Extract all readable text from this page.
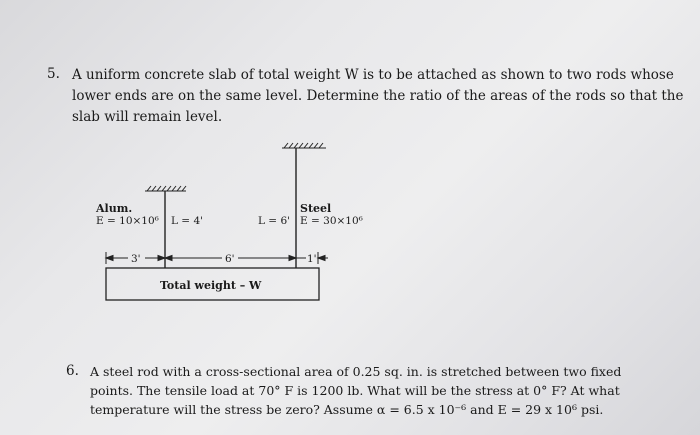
5. A uniform concrete slab of total weight W is to be attached as shown to two rods whose
lower ends are on the same level. Determine the ratio of the areas of the rods so that the
slab will remain level.
Alum.
E = 10×10⁶ L = 4'
Steel
E = 30×10⁶
L = 6'
3'	6'	1'
Total weight – W
6. A steel rod with a cross-sectional area of 0.25 sq. in. is stretched between two fixed
points. The tensile load at 70° F is 1200 lb. What will be the stress at 0° F? At what
temperature will the stress be zero? Assume α = 6.5 x 10⁻⁶ and E = 29 x 10⁶ psi.
